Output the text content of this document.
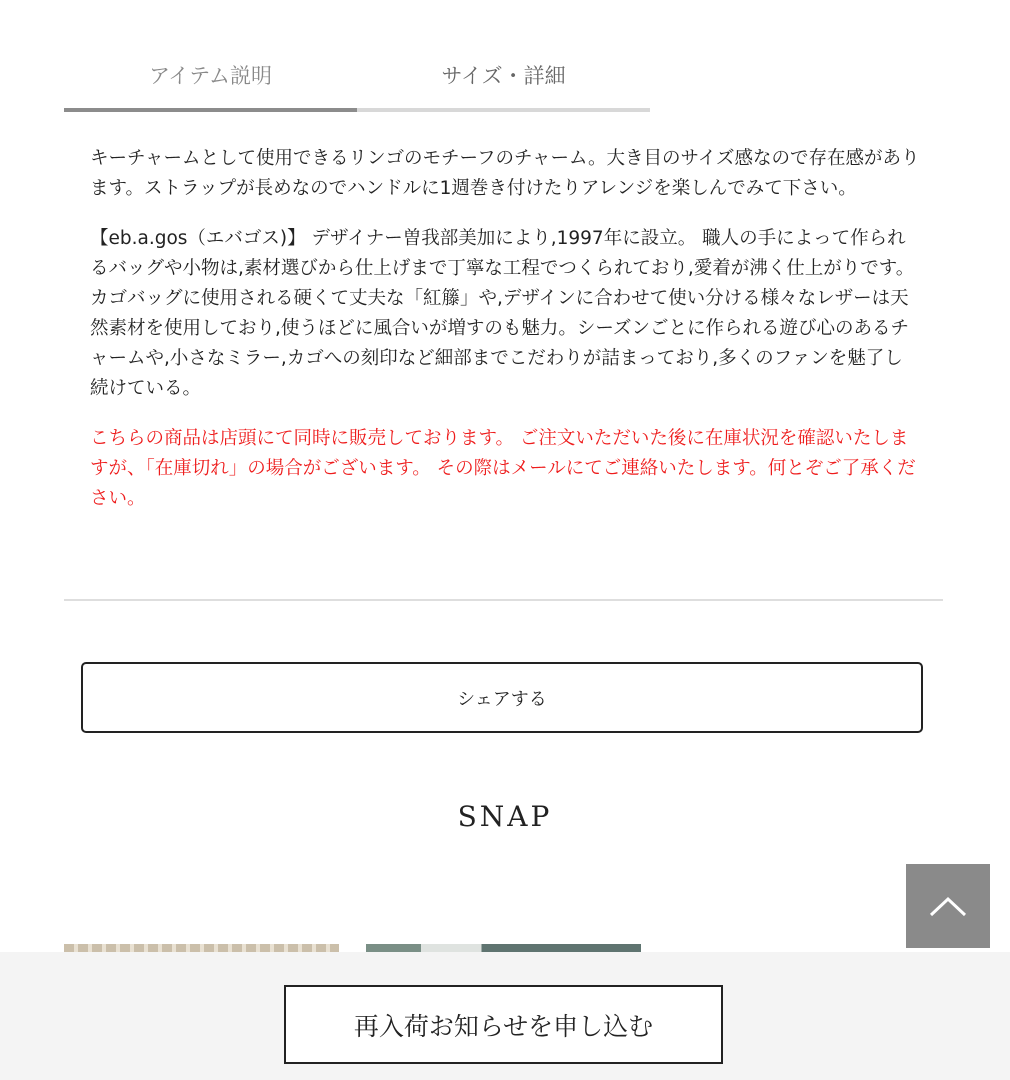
アイテム説明	サイズ・詳細

キーチャームとして使用できるリンゴのモチーフのチャーム。大き目のサイズ感なので存在感があります。ストラップが長めなのでハンドルに1週巻き付けたりアレンジを楽しんでみて下さい。

【eb.a.gos（エバゴス)】 デザイナー曽我部美加により,1997年に設立。 職人の手によって作られるバッグや小物は,素材選びから仕上げまで丁寧な工程でつくられており,愛着が沸く仕上がりです。 カゴバッグに使用される硬くて丈夫な「紅籐」や,デザインに合わせて使い分ける様々なレザーは天然素材を使用しており,使うほどに風合いが増すのも魅力。シーズンごとに作られる遊び心のあるチャームや,小さなミラー,カゴへの刻印など細部までこだわりが詰まっており,多くのファンを魅了し続けている。

こちらの商品は店頭にて同時に販売しております。 ご注文いただいた後に在庫状況を確認いたしますが、「在庫切れ」の場合がございます。 その際はメールにてご連絡いたします。何とぞご了承ください。

シェアする
SNAP
再入荷お知らせを申し込む
